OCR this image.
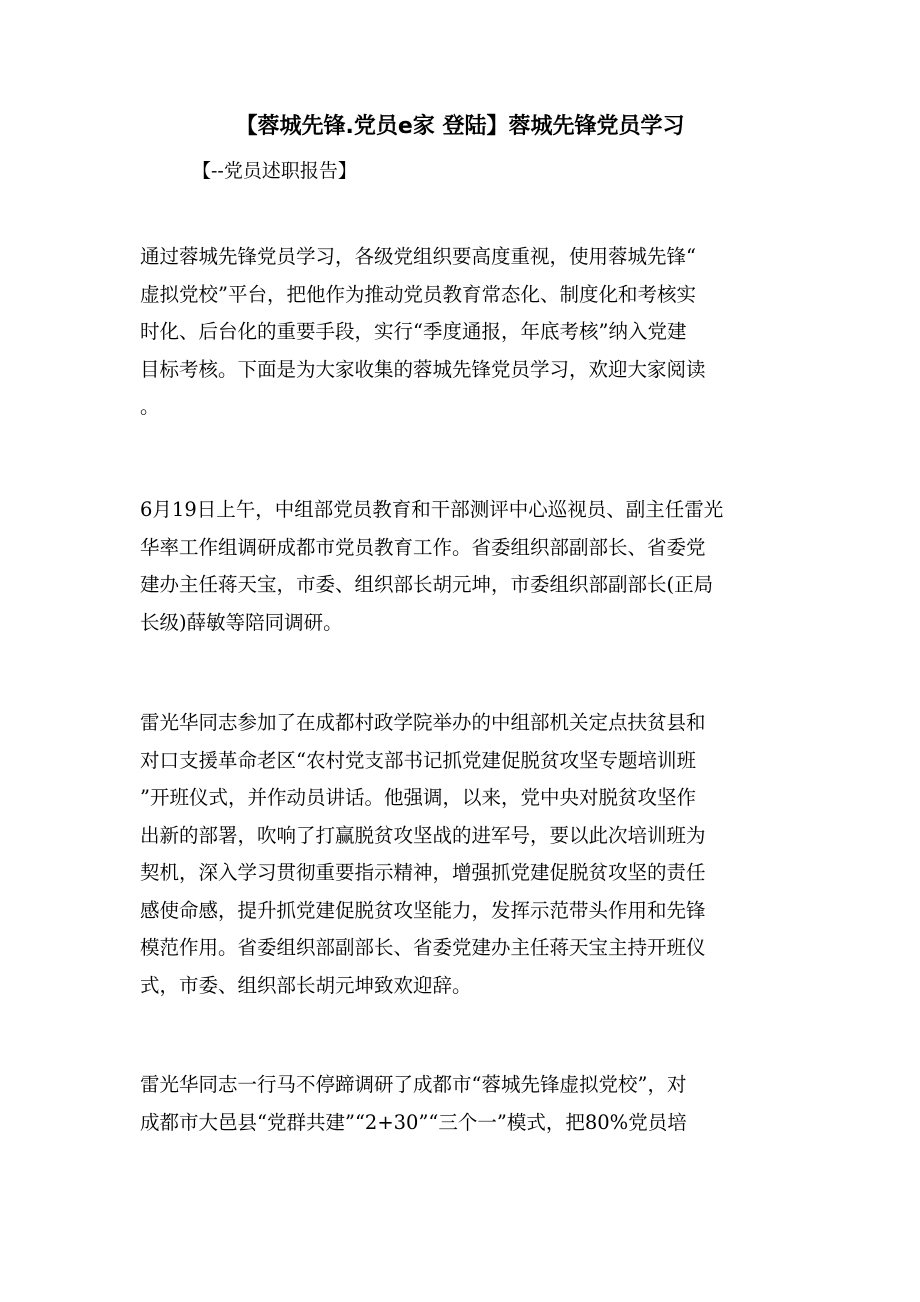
【蓉城先锋.党员e家 登陆】蓉城先锋党员学习
【--党员述职报告】
通过蓉城先锋党员学习，各级党组织要高度重视，使用蓉城先锋“
虚拟党校”平台，把他作为推动党员教育常态化、制度化和考核实
时化、后台化的重要手段，实行“季度通报，年底考核”纳入党建
目标考核。下面是为大家收集的蓉城先锋党员学习，欢迎大家阅读
。
6月19日上午，中组部党员教育和干部测评中心巡视员、副主任雷光
华率工作组调研成都市党员教育工作。省委组织部副部长、省委党
建办主任蒋天宝，市委、组织部长胡元坤，市委组织部副部长(正局
长级)薛敏等陪同调研。
雷光华同志参加了在成都村政学院举办的中组部机关定点扶贫县和
对口支援革命老区“农村党支部书记抓党建促脱贫攻坚专题培训班
”开班仪式，并作动员讲话。他强调，以来，党中央对脱贫攻坚作
出新的部署，吹响了打赢脱贫攻坚战的进军号，要以此次培训班为
契机，深入学习贯彻重要指示精神，增强抓党建促脱贫攻坚的责任
感使命感，提升抓党建促脱贫攻坚能力，发挥示范带头作用和先锋
模范作用。省委组织部副部长、省委党建办主任蒋天宝主持开班仪
式，市委、组织部长胡元坤致欢迎辞。
雷光华同志一行马不停蹄调研了成都市“蓉城先锋虚拟党校”，对
成都市大邑县“党群共建”“2+30”“三个一”模式，把80%党员培
